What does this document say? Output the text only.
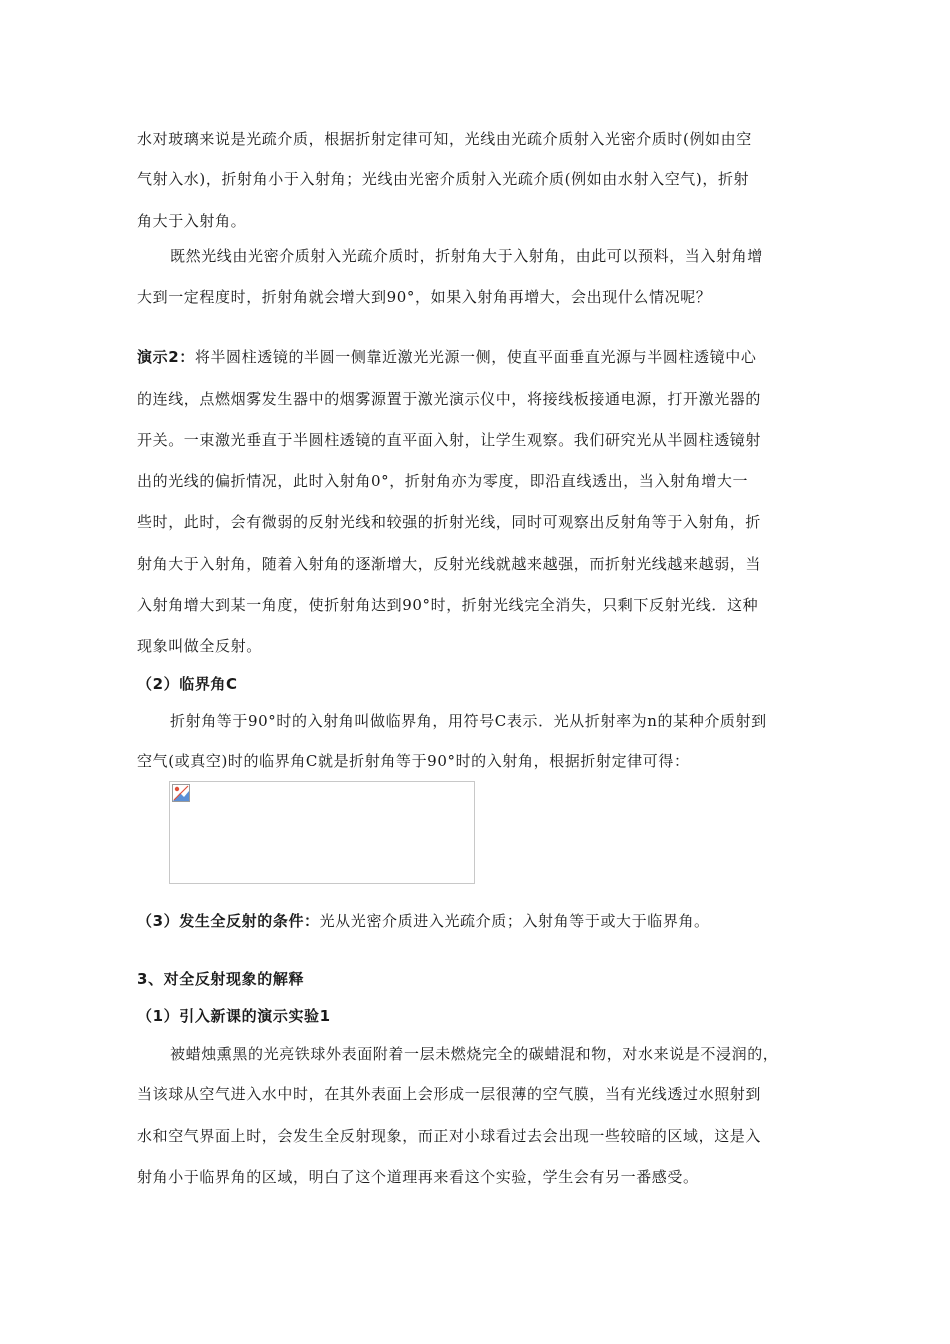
水对玻璃来说是光疏介质，根据折射定律可知，光线由光疏介质射入光密介质时(例如由空
气射入水)，折射角小于入射角；光线由光密介质射入光疏介质(例如由水射入空气)，折射
角大于入射角。
既然光线由光密介质射入光疏介质时，折射角大于入射角，由此可以预料，当入射角增
大到一定程度时，折射角就会增大到90°，如果入射角再增大，会出现什么情况呢？
演示2：将半圆柱透镜的半圆一侧靠近激光光源一侧，使直平面垂直光源与半圆柱透镜中心
的连线，点燃烟雾发生器中的烟雾源置于激光演示仪中，将接线板接通电源，打开激光器的
开关。一束激光垂直于半圆柱透镜的直平面入射，让学生观察。我们研究光从半圆柱透镜射
出的光线的偏折情况，此时入射角0°，折射角亦为零度，即沿直线透出，当入射角增大一
些时，此时，会有微弱的反射光线和较强的折射光线，同时可观察出反射角等于入射角，折
射角大于入射角，随着入射角的逐渐增大，反射光线就越来越强，而折射光线越来越弱，当
入射角增大到某一角度，使折射角达到90°时，折射光线完全消失，只剩下反射光线．这种
现象叫做全反射。
（2）临界角C
折射角等于90°时的入射角叫做临界角，用符号C表示．光从折射率为n的某种介质射到
空气(或真空)时的临界角C就是折射角等于90°时的入射角，根据折射定律可得：
（3）发生全反射的条件：光从光密介质进入光疏介质；入射角等于或大于临界角。
3、对全反射现象的解释
（1）引入新课的演示实验1
被蜡烛熏黑的光亮铁球外表面附着一层未燃烧完全的碳蜡混和物，对水来说是不浸润的，
当该球从空气进入水中时，在其外表面上会形成一层很薄的空气膜，当有光线透过水照射到
水和空气界面上时，会发生全反射现象，而正对小球看过去会出现一些较暗的区域，这是入
射角小于临界角的区域，明白了这个道理再来看这个实验，学生会有另一番感受。
